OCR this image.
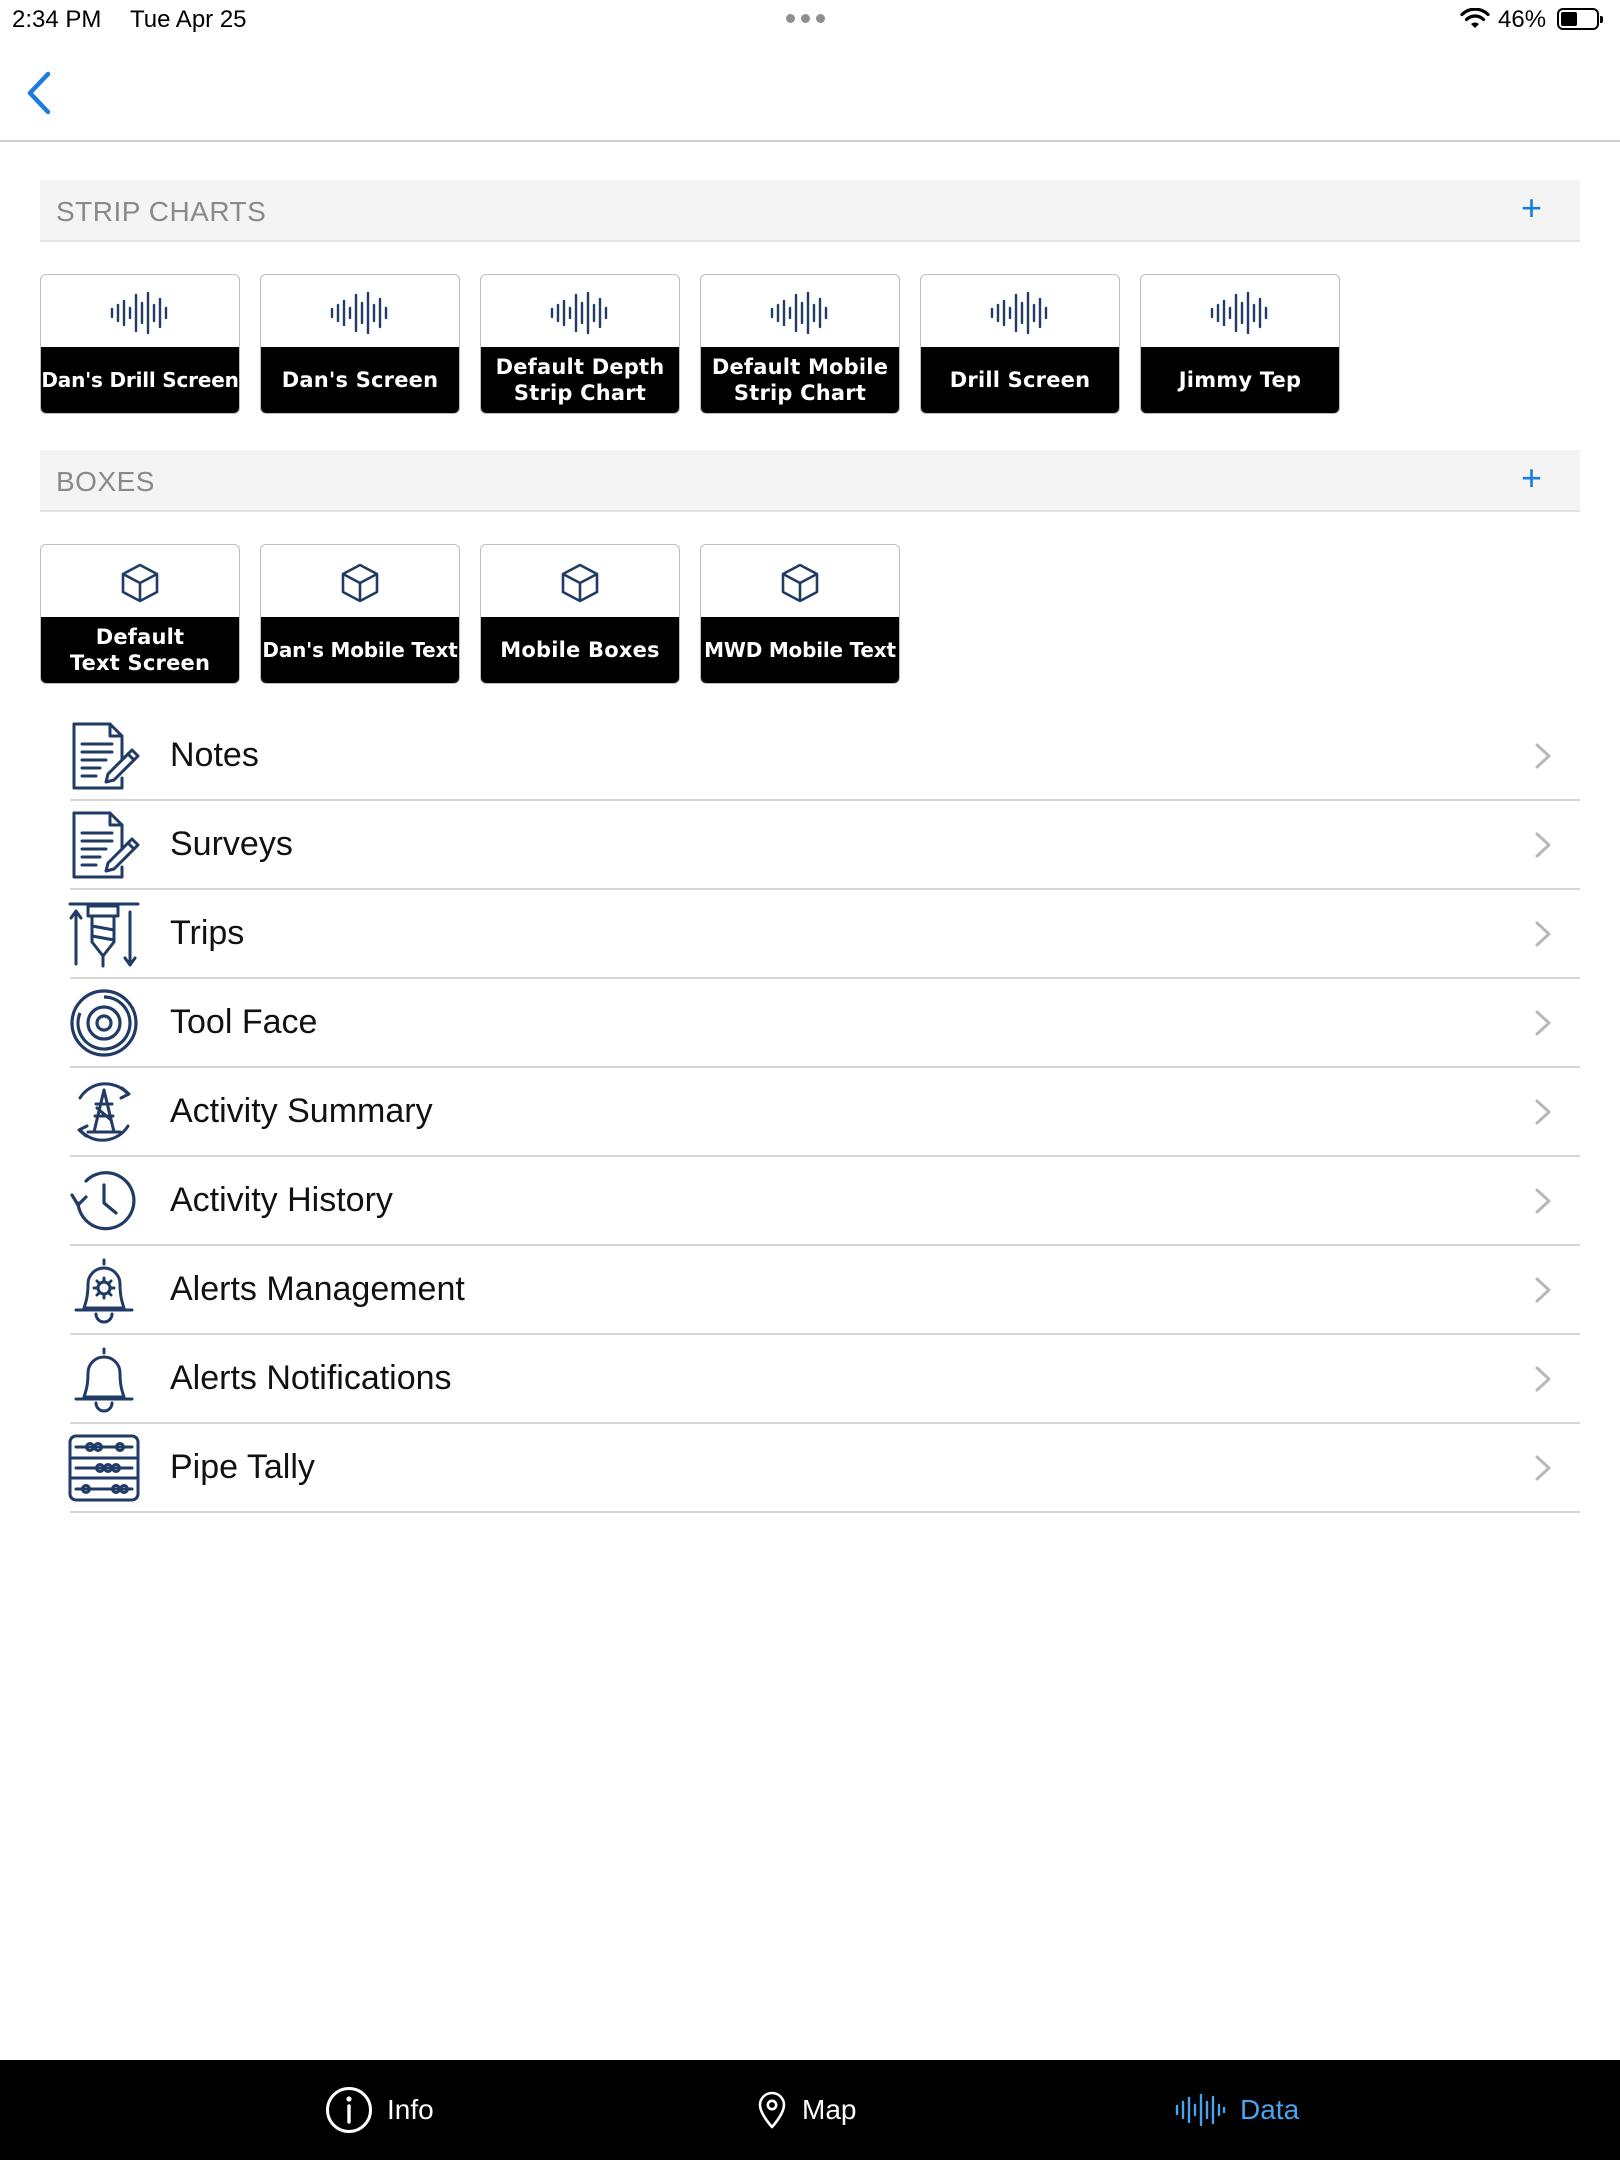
2:34 PM Tue Apr 25	46%
STRIP CHARTS	+
Dan's Drill Screen	Dan's Screen
Default Depth
Strip Chart
Default Mobile
Strip Chart
Drill Screen	Jimmy Tep
BOXES	+
Default
Text Screen
Dan's Mobile Text	Mobile Boxes	MWD Mobile Text
Notes
Surveys
Trips
Tool Face
Activity Summary
Activity History
Alerts Management
Alerts Notifications
Pipe Tally
Info	Map	Data
